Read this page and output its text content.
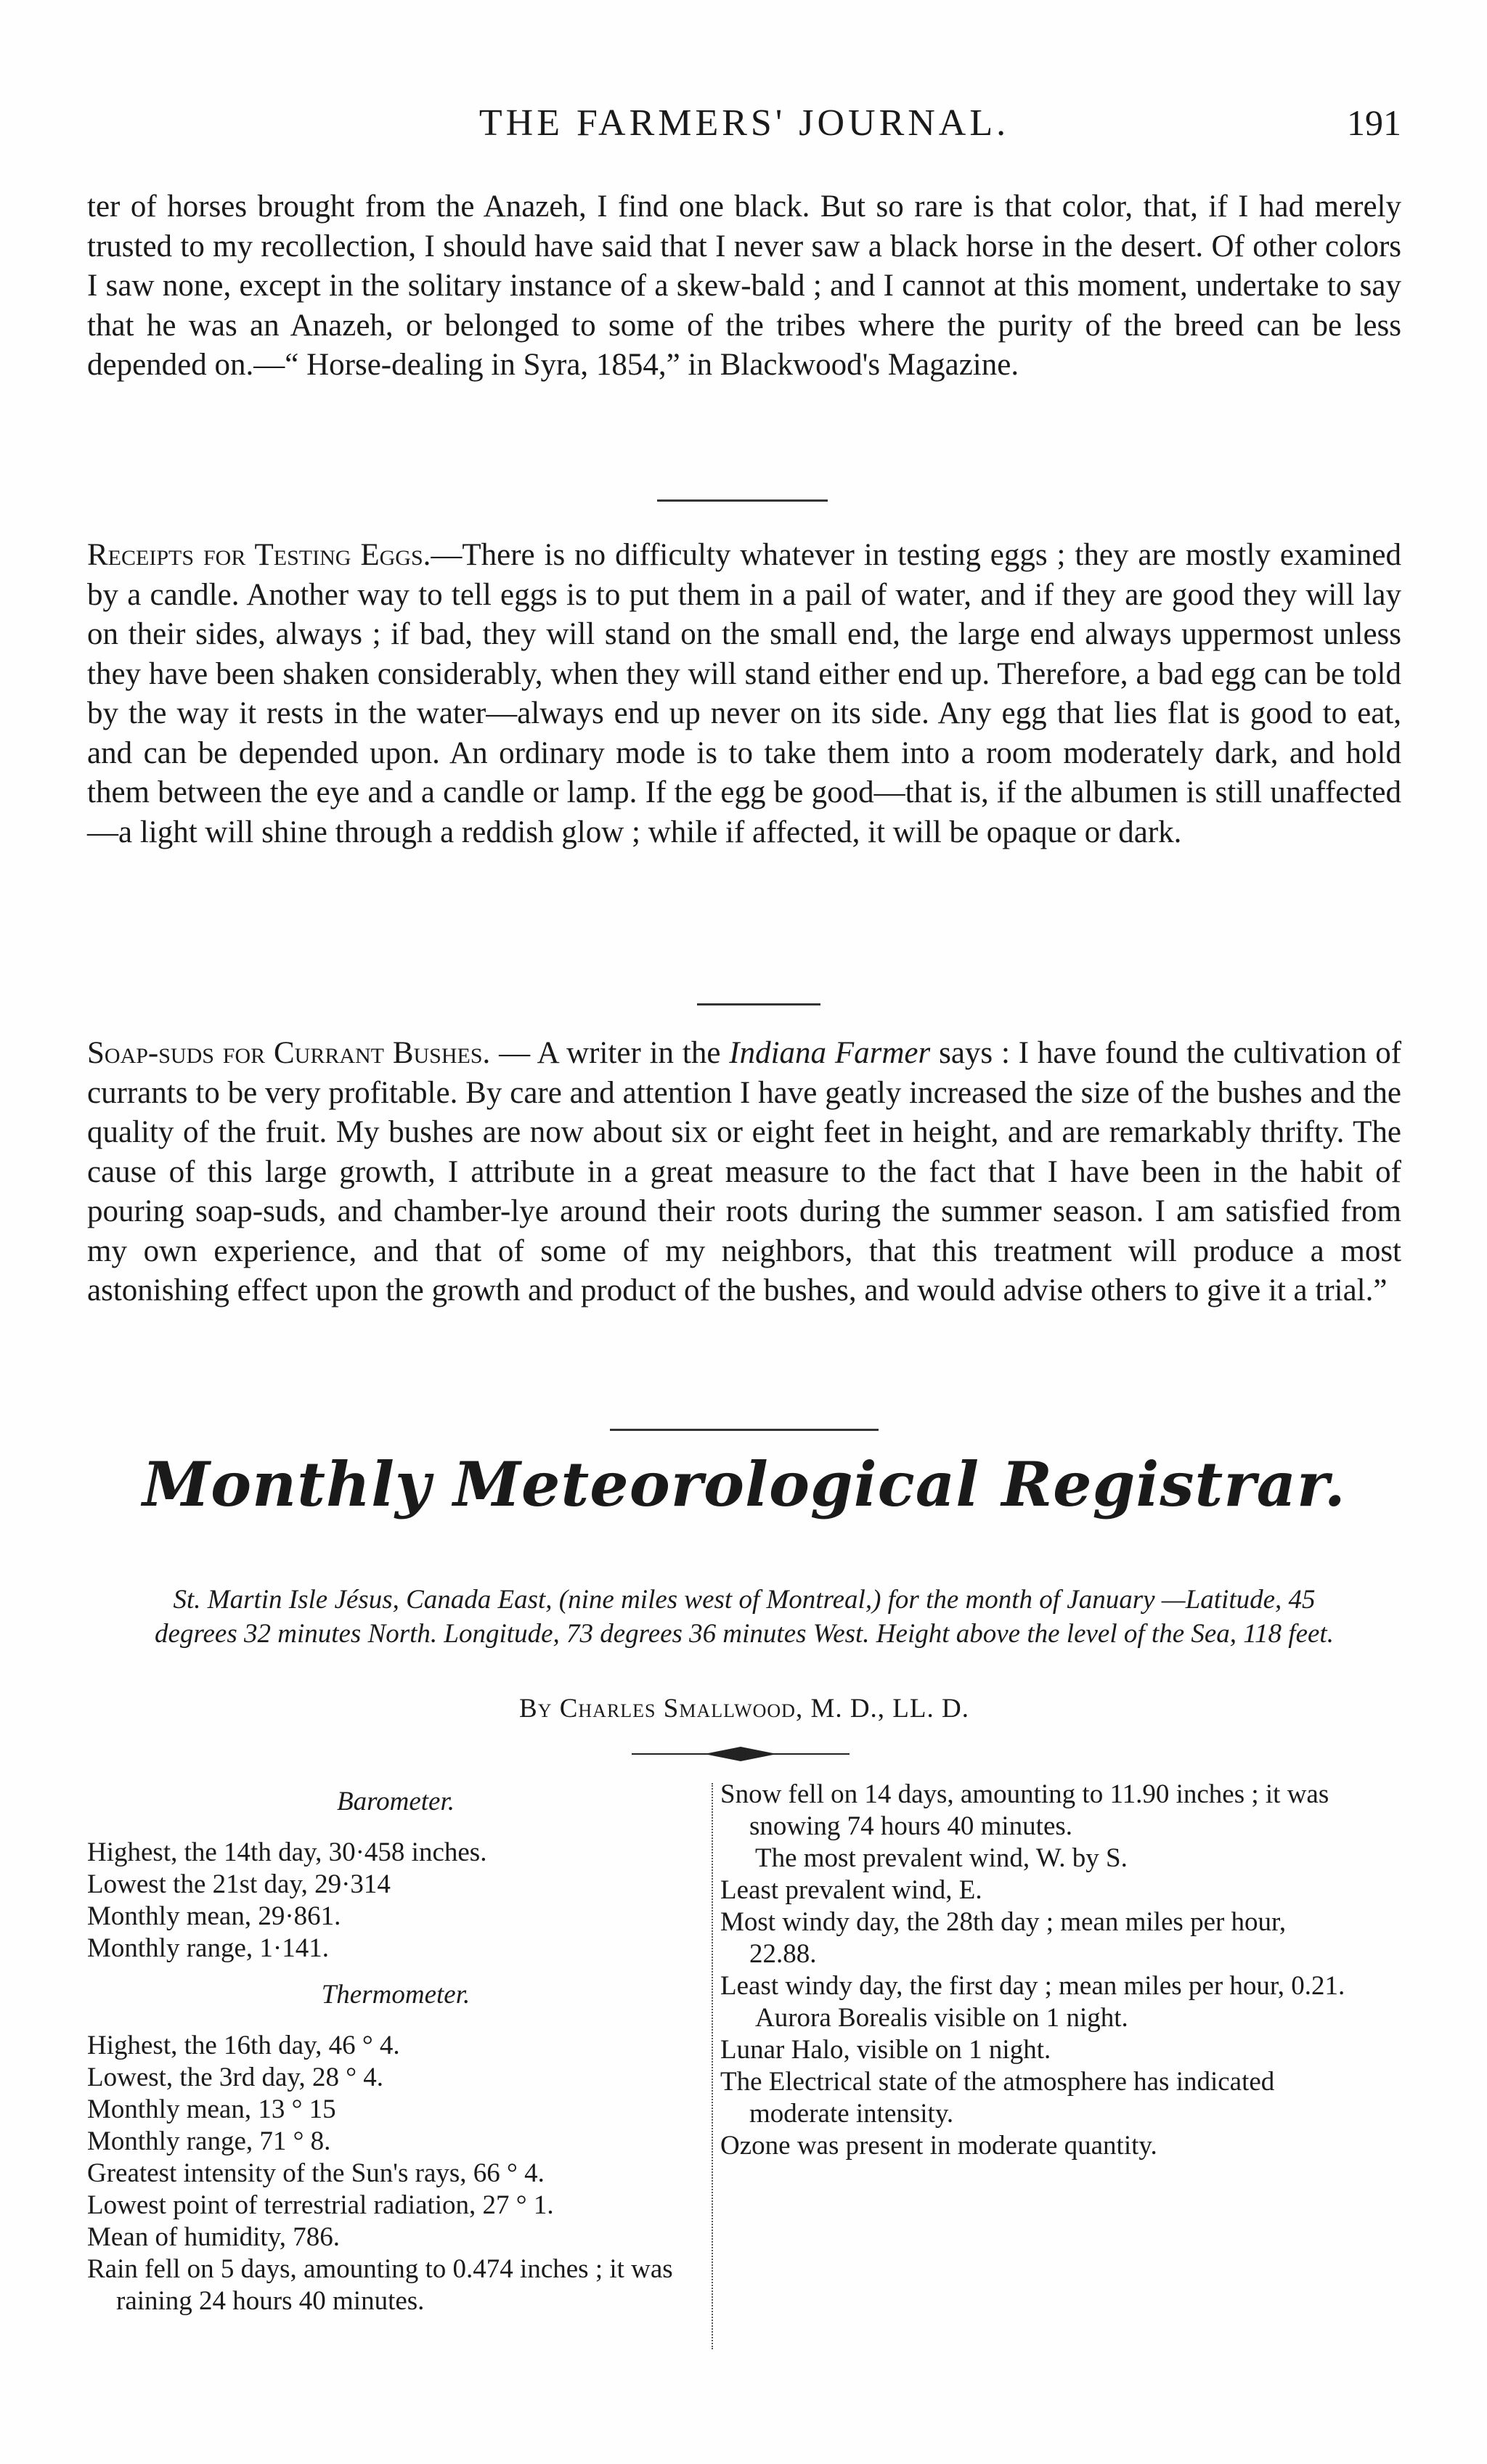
THE FARMERS' JOURNAL.	191

ter of horses brought from the Anazeh, I find one black. But so rare is that color, that, if I had merely trusted to my recollection, I should have said that I never saw a black horse in the desert. Of other colors I saw none, except in the solitary instance of a skew-bald ; and I cannot at this moment, undertake to say that he was an Anazeh, or belonged to some of the tribes where the purity of the breed can be less depended on.—“ Horse-dealing in Syra, 1854,” in Blackwood's Magazine.

Receipts for Testing Eggs.—There is no difficulty whatever in testing eggs ; they are mostly examined by a candle. Another way to tell eggs is to put them in a pail of water, and if they are good they will lay on their sides, always ; if bad, they will stand on the small end, the large end always uppermost unless they have been shaken considerably, when they will stand either end up. Therefore, a bad egg can be told by the way it rests in the water—always end up never on its side. Any egg that lies flat is good to eat, and can be depended upon. An ordinary mode is to take them into a room moderately dark, and hold them between the eye and a candle or lamp. If the egg be good—that is, if the albumen is still unaffected—a light will shine through a reddish glow ; while if affected, it will be opaque or dark.

Soap-suds for Currant Bushes. — A writer in the Indiana Farmer says : I have found the cultivation of currants to be very profitable. By care and attention I have geatly increased the size of the bushes and the quality of the fruit. My bushes are now about six or eight feet in height, and are remarkably thrifty. The cause of this large growth, I attribute in a great measure to the fact that I have been in the habit of pouring soap-suds, and chamber-lye around their roots during the summer season. I am satisfied from my own experience, and that of some of my neighbors, that this treatment will produce a most astonishing effect upon the growth and product of the bushes, and would advise others to give it a trial.”

Monthly Meteorological Registrar.

St. Martin Isle Jésus, Canada East, (nine miles west of Montreal,) for the month of January —Latitude, 45 degrees 32 minutes North. Longitude, 73 degrees 36 minutes West. Height above the level of the Sea, 118 feet.

By Charles Smallwood, M. D., LL. D.
Barometer.

Highest, the 14th day, 30·458 inches.

Lowest the 21st day, 29·314

Monthly mean, 29·861.

Monthly range, 1·141.

Thermometer.

Highest, the 16th day, 46 ° 4.

Lowest, the 3rd day, 28 ° 4.

Monthly mean, 13 ° 15

Monthly range, 71 ° 8.

Greatest intensity of the Sun's rays, 66 ° 4.

Lowest point of terrestrial radiation, 27 ° 1.

Mean of humidity, 786.

Rain fell on 5 days, amounting to 0.474 inches ; it was raining 24 hours 40 minutes.

Snow fell on 14 days, amounting to 11.90 inches ; it was snowing 74 hours 40 minutes.

The most prevalent wind, W. by S.

Least prevalent wind, E.

Most windy day, the 28th day ; mean miles per hour, 22.88.

Least windy day, the first day ; mean miles per hour, 0.21.

Aurora Borealis visible on 1 night.

Lunar Halo, visible on 1 night.

The Electrical state of the atmosphere has indicated moderate intensity.

Ozone was present in moderate quantity.
